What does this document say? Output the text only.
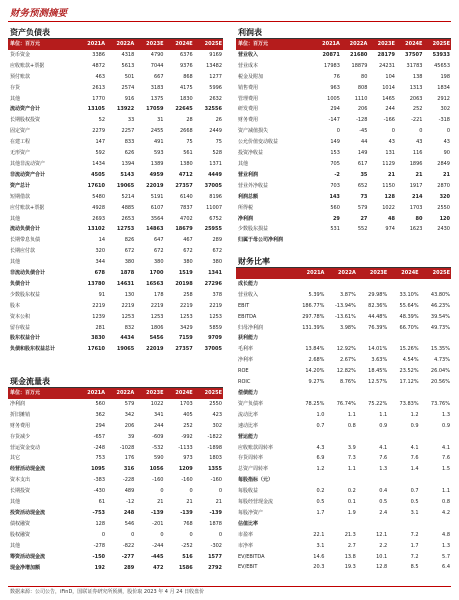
财务预测摘要
资产负债表
单位：百万元	2021A	2022A	2023E	2024E	2025E
货币资金	3386	4318	4790	6376	9169
应收账款+票据	4872	5613	7044	9376	13482
预付账款	463	501	667	868	1277
存货	2613	2574	3183	4175	5996
其他	1770	916	1375	1830	2632
流动资产合计	13105	13922	17059	22645	32556
长期股权投资	52	33	31	28	26
固定资产	2279	2257	2455	2668	2449
在建工程	147	833	491	75	75
无形资产	592	626	593	561	528
其他非流动资产	1434	1394	1389	1380	1371
非流动资产合计	4505	5143	4959	4712	4449
资产总计	17610	19065	22019	27357	37005
短期借款	5480	5214	5191	6140	8196
应付账款+票据	4928	4885	6107	7837	11007
其他	2693	2653	3564	4702	6752
流动负债合计	13102	12753	14863	18679	25955
长期带息负债	14	826	647	467	289
长期应付款	320	672	672	672	672
其他	344	380	380	380	380
非流动负债合计	678	1878	1700	1519	1341
负债合计	13780	14631	16563	20198	27296
少数股东权益	91	130	178	258	378
股本	2219	2219	2219	2219	2219
资本公积	1239	1253	1253	1253	1253
留存收益	281	832	1806	3429	5859
股东权益合计	3830	4434	5456	7159	9709
负债和股东权益总计	17610	19065	22019	27357	37005
利润表
单位：百万元	2021A	2022A	2023E	2024E	2025E
营业收入	20871	21680	28179	37507	53933
营业成本	17983	18879	24231	31783	45653
税金及附加	76	80	104	138	198
销售费用	963	808	1014	1313	1834
管理费用	1005	1110	1465	2063	2912
研发费用	294	206	244	252	302
财务费用	-147	-128	-166	-221	-318
资产减值损失	0	-45	0	0	0
公允价值变动收益	149	44	43	43	43
投资净收益	153	149	131	116	90
其他	705	617	1129	1896	2849
营业利润	-2	35	21	21	21
营业外净收益	703	652	1150	1917	2870
利润总额	143	73	128	214	320
所得税	560	579	1022	1703	2550
净利润	29	27	48	80	120
少数股东损益	531	552	974	1623	2430
归属于母公司净利润					
财务比率
	2021A	2022A	2023E	2024E	2025E
成长能力					
营业收入	5.39%	3.87%	29.98%	33.10%	43.80%
EBIT	186.77%	-13.94%	82.36%	55.64%	46.23%
EBITDA	297.78%	-13.61%	44.48%	48.39%	39.54%
归母净利润	131.39%	3.98%	76.39%	66.70%	49.73%
获利能力					
毛利率	13.84%	12.92%	14.01%	15.26%	15.35%
净利率	2.68%	2.67%	3.63%	4.54%	4.73%
ROE	14.20%	12.82%	18.45%	23.52%	26.04%
ROIC	9.27%	8.76%	12.57%	17.12%	20.56%
偿债能力					
资产负债率	78.25%	76.74%	75.22%	73.83%	73.76%
流动比率	1.0	1.1	1.1	1.2	1.3
速动比率	0.7	0.8	0.9	0.9	0.9
营运能力					
应收账款周转率	4.3	3.9	4.1	4.1	4.1
存货周转率	6.9	7.3	7.6	7.6	7.6
总资产周转率	1.2	1.1	1.3	1.4	1.5
每股指标（元）					
每股收益	0.2	0.2	0.4	0.7	1.1
每股经营现金流	0.5	0.1	0.5	0.5	0.8
每股净资产	1.7	1.9	2.4	3.1	4.2
估值比率					
市盈率	22.1	21.3	12.1	7.2	4.8
市净率	3.1	2.7	2.2	1.7	1.3
EV/EBITDA	14.6	13.8	10.1	7.2	5.7
EV/EBIT	20.3	19.3	12.8	8.5	6.4
现金流量表
单位：百万元	2021A	2022A	2023E	2024E	2025E
净利润	560	579	1022	1703	2550
折旧摊销	362	342	341	405	423
财务费用	294	206	244	252	302
存货减少	-657	39	-609	-992	-1822
营运资金变动	-248	-1028	-532	-1133	-1898
其它	753	176	590	973	1803
经营活动现金流	1095	316	1056	1209	1355
资本支出	-383	-228	-160	-160	-160
长期投资	-430	489	0	0	0
其他	61	-12	21	21	21
投资活动现金流	-753	248	-139	-139	-139
债权融资	128	546	-201	768	1878
股权融资	0	0	0	0	0
其他	-278	-822	-244	-252	-302
筹资活动现金流	-150	-277	-445	516	1577
现金净增加额	192	289	472	1586	2792
数据来源：公司公告，iFinD，国联证券研究所预测，股价取 2023 年 4 月 24 日收盘价
